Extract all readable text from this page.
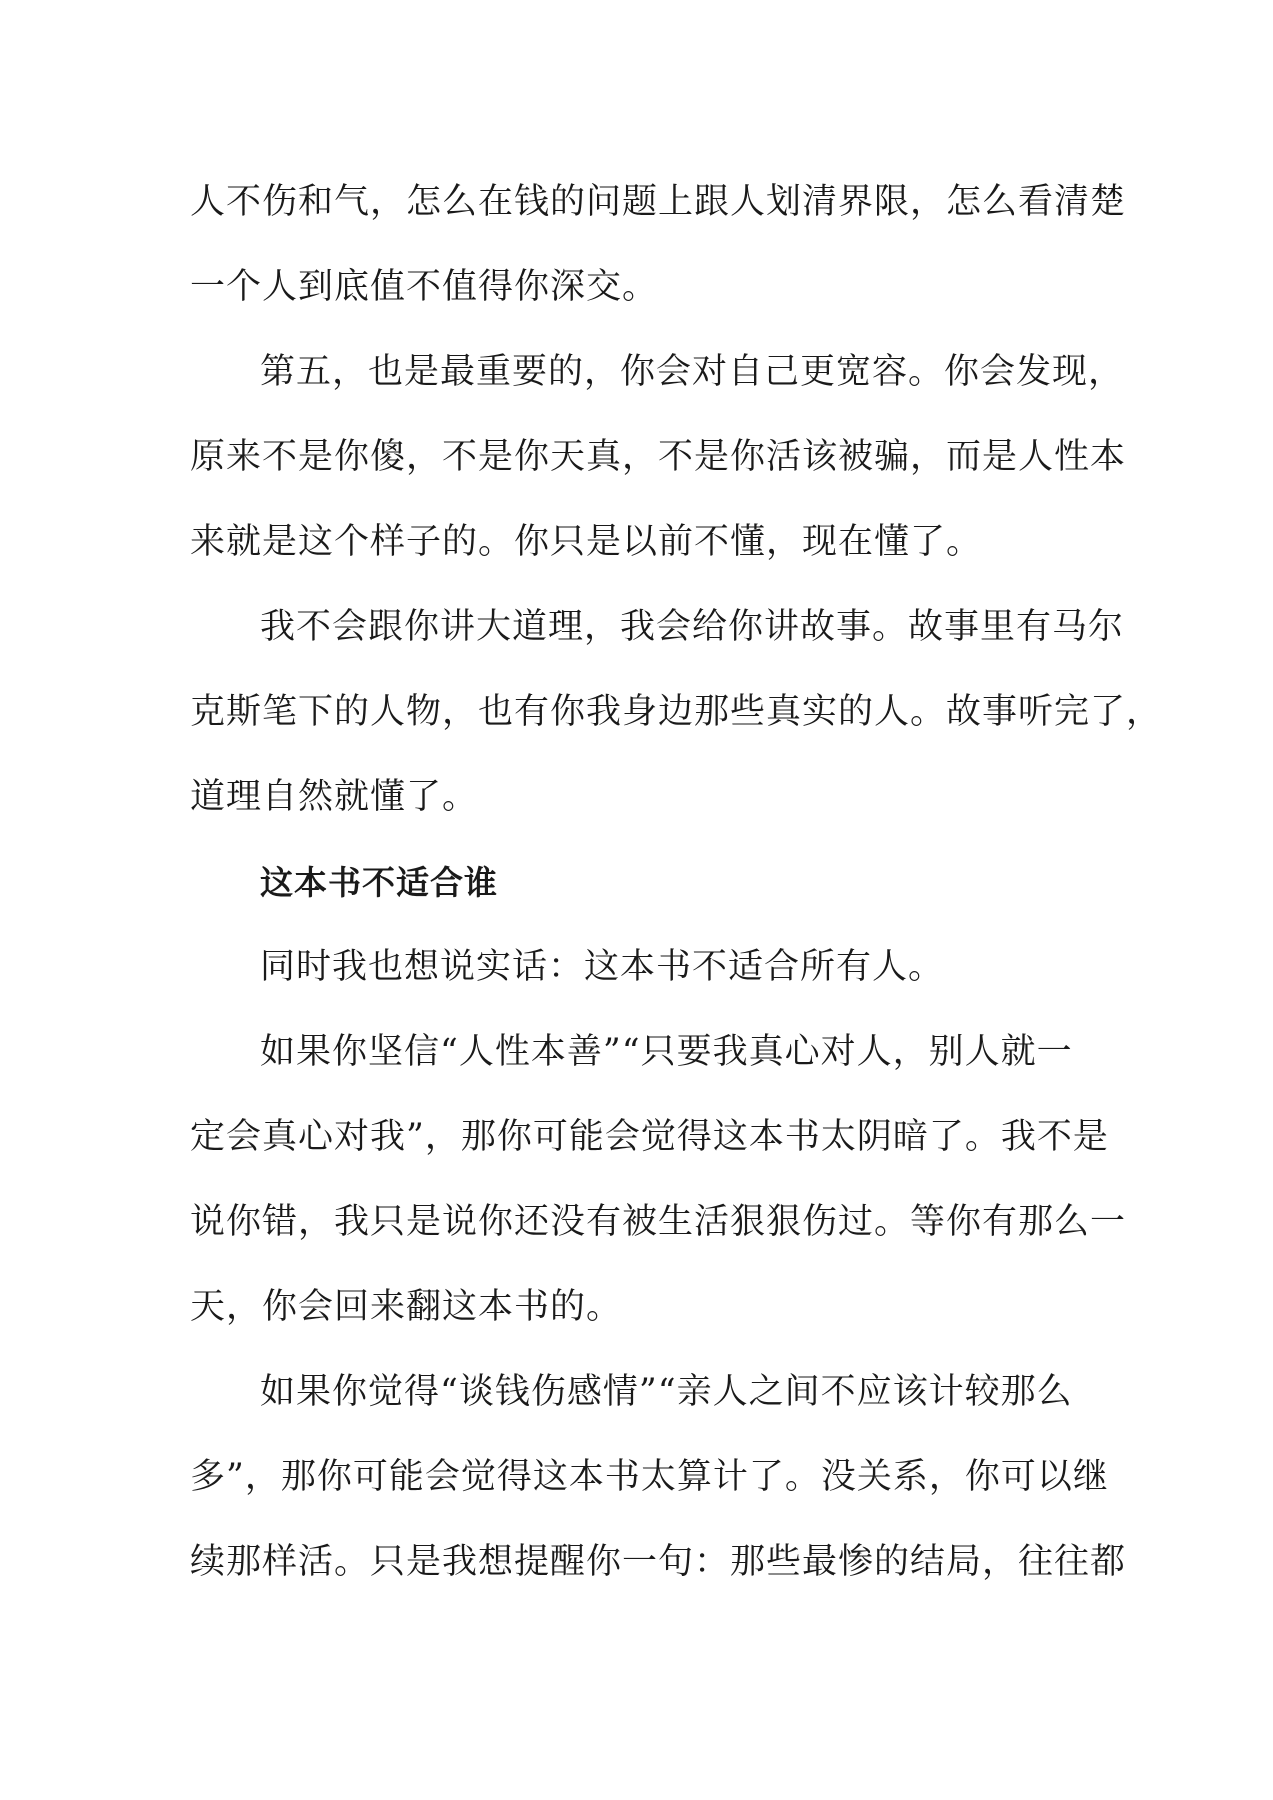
人不伤和气，怎么在钱的问题上跟人划清界限，怎么看清楚
一个人到底值不值得你深交。

第五，也是最重要的，你会对自己更宽容。你会发现，
原来不是你傻，不是你天真，不是你活该被骗，而是人性本
来就是这个样子的。你只是以前不懂，现在懂了。

我不会跟你讲大道理，我会给你讲故事。故事里有马尔
克斯笔下的人物，也有你我身边那些真实的人。故事听完了，
道理自然就懂了。

这本书不适合谁

同时我也想说实话：这本书不适合所有人。

如果你坚信“人性本善”“只要我真心对人，别人就一
定会真心对我”，那你可能会觉得这本书太阴暗了。我不是
说你错，我只是说你还没有被生活狠狠伤过。等你有那么一
天，你会回来翻这本书的。

如果你觉得“谈钱伤感情”“亲人之间不应该计较那么
多”，那你可能会觉得这本书太算计了。没关系，你可以继
续那样活。只是我想提醒你一句：那些最惨的结局，往往都
